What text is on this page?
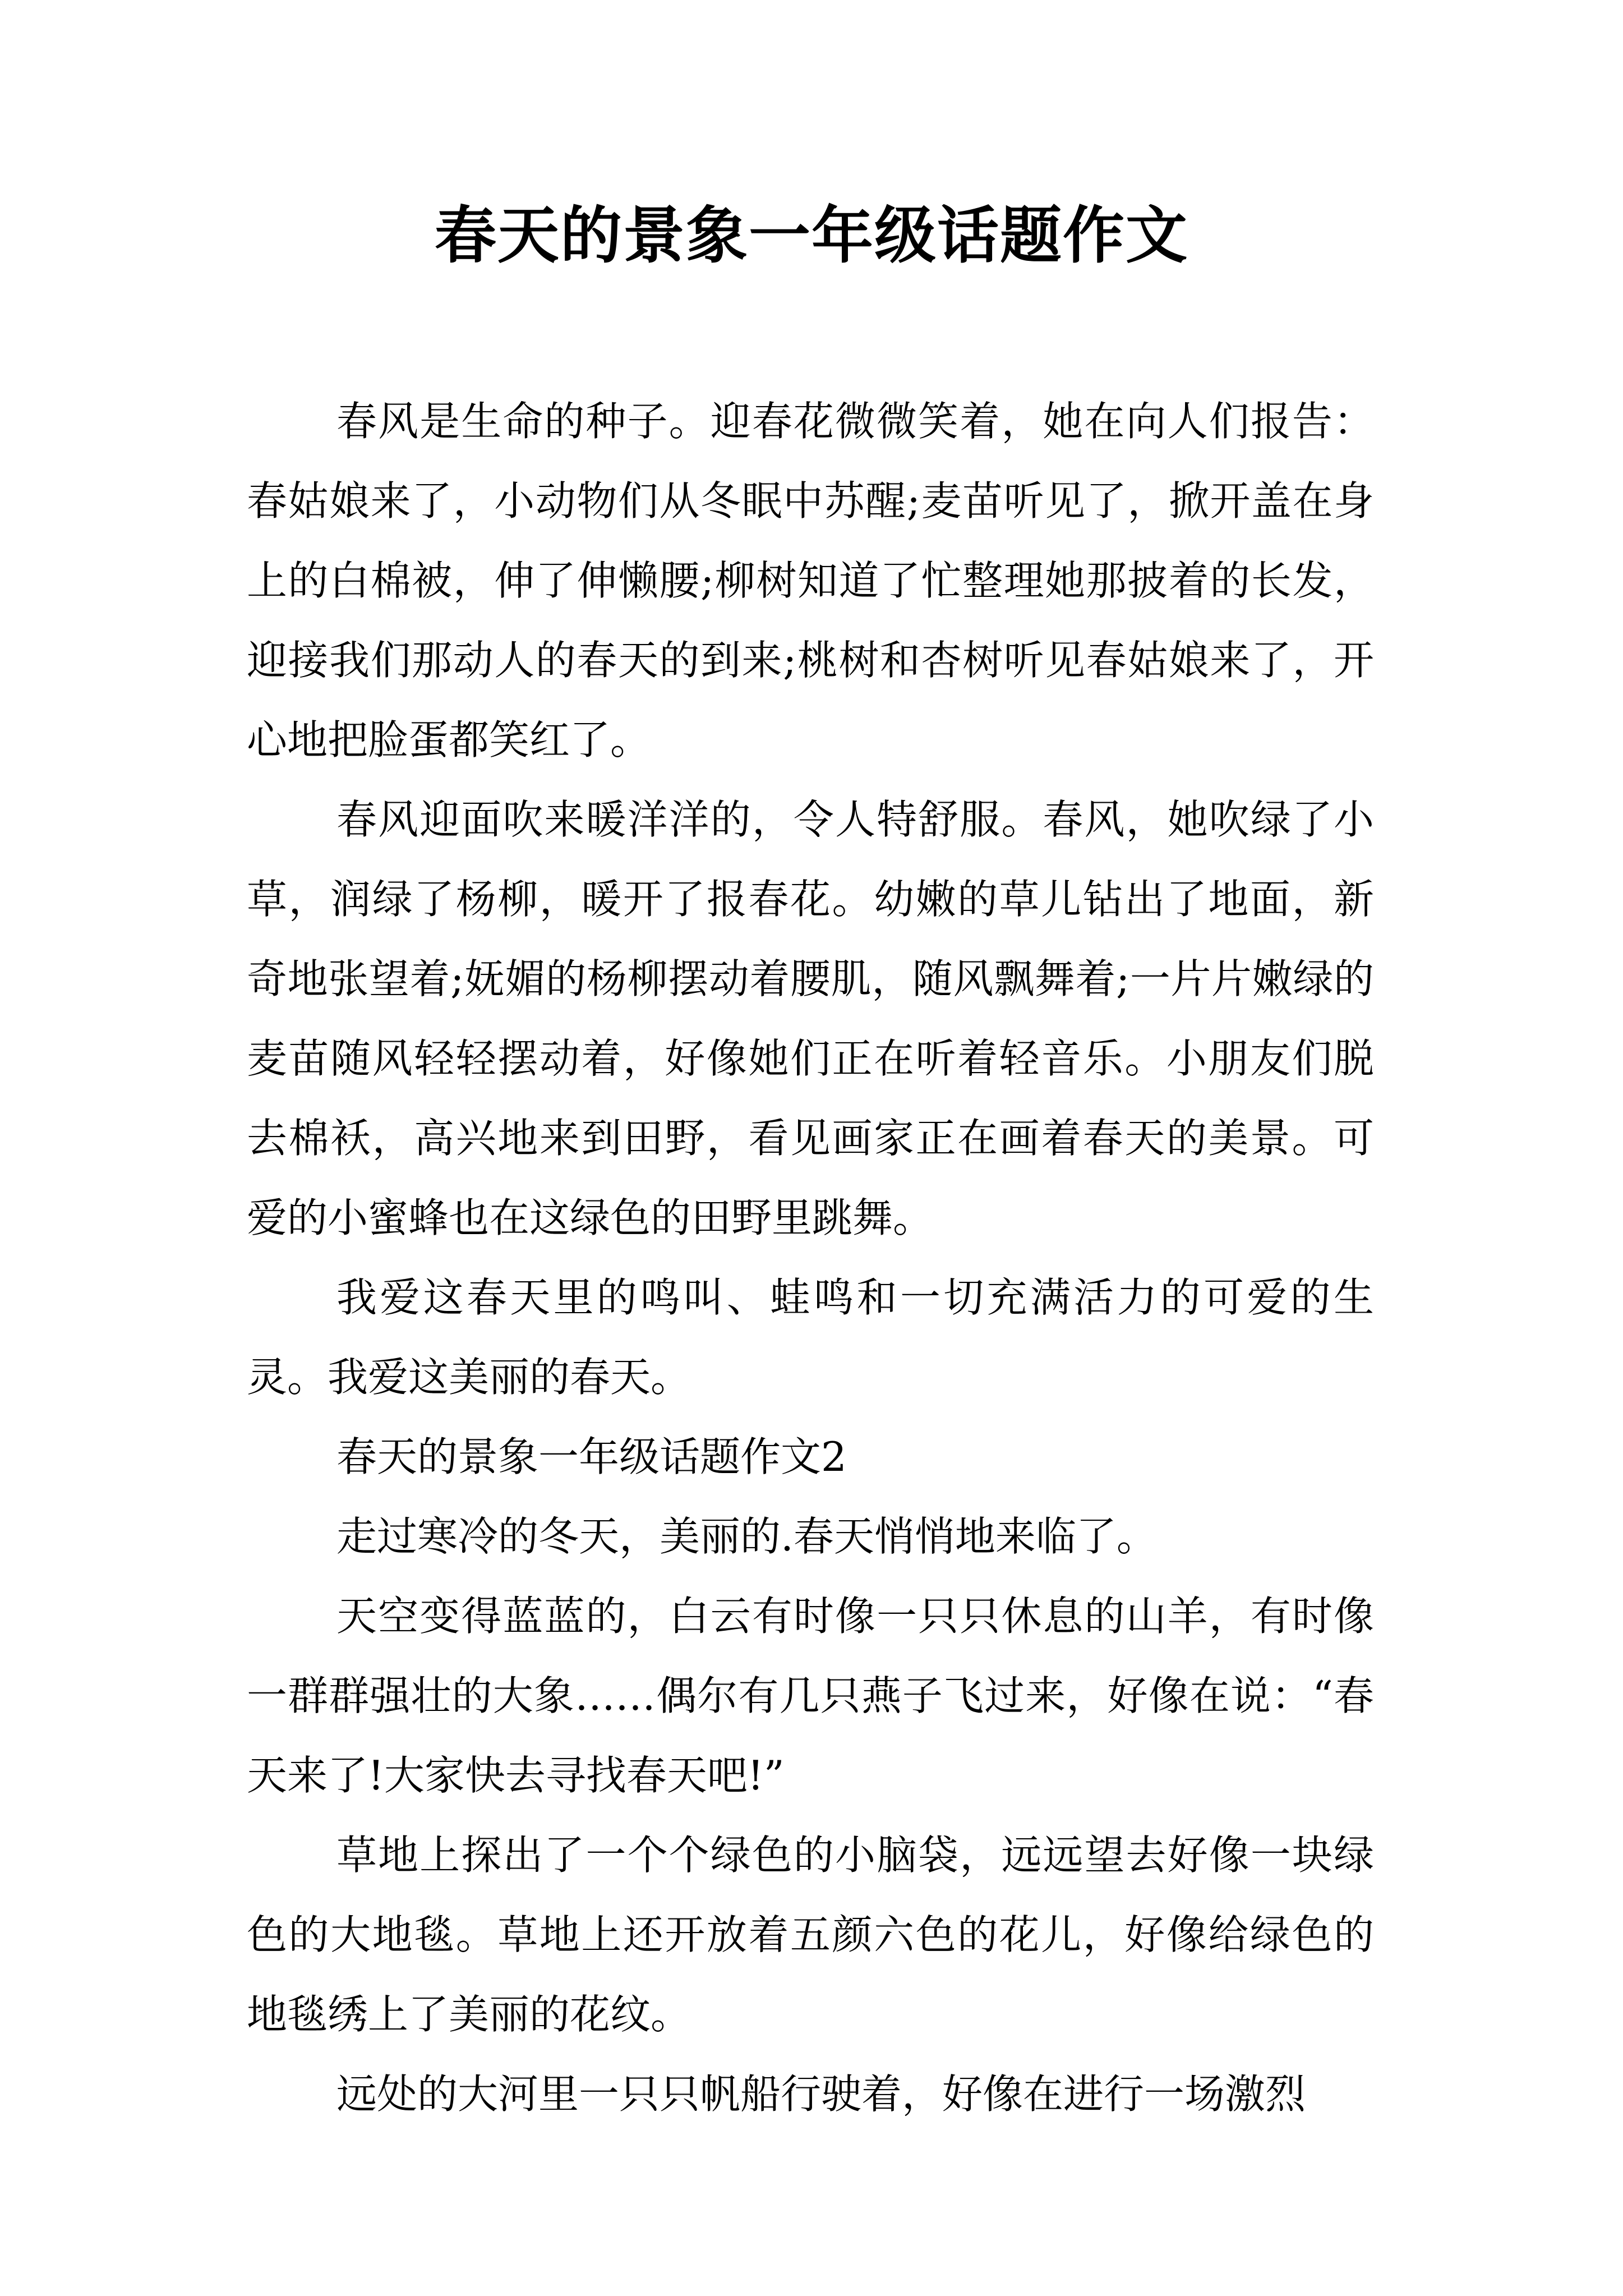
春天的景象一年级话题作文

春风是生命的种子。迎春花微微笑着，她在向人们报告：春姑娘来了，小动物们从冬眠中苏醒;麦苗听见了，掀开盖在身上的白棉被，伸了伸懒腰;柳树知道了忙整理她那披着的长发，迎接我们那动人的春天的到来;桃树和杏树听见春姑娘来了，开心地把脸蛋都笑红了。

春风迎面吹来暖洋洋的，令人特舒服。春风，她吹绿了小草，润绿了杨柳，暖开了报春花。幼嫩的草儿钻出了地面，新奇地张望着;妩媚的杨柳摆动着腰肌，随风飘舞着;一片片嫩绿的麦苗随风轻轻摆动着，好像她们正在听着轻音乐。小朋友们脱去棉袄，高兴地来到田野，看见画家正在画着春天的美景。可爱的小蜜蜂也在这绿色的田野里跳舞。

我爱这春天里的鸣叫、蛙鸣和一切充满活力的可爱的生灵。我爱这美丽的春天。

春天的景象一年级话题作文2

走过寒冷的冬天，美丽的.春天悄悄地来临了。

天空变得蓝蓝的，白云有时像一只只休息的山羊，有时像一群群强壮的大象……偶尔有几只燕子飞过来，好像在说：“春天来了!大家快去寻找春天吧!”

草地上探出了一个个绿色的小脑袋，远远望去好像一块绿色的大地毯。草地上还开放着五颜六色的花儿，好像给绿色的地毯绣上了美丽的花纹。

远处的大河里一只只帆船行驶着，好像在进行一场激烈
